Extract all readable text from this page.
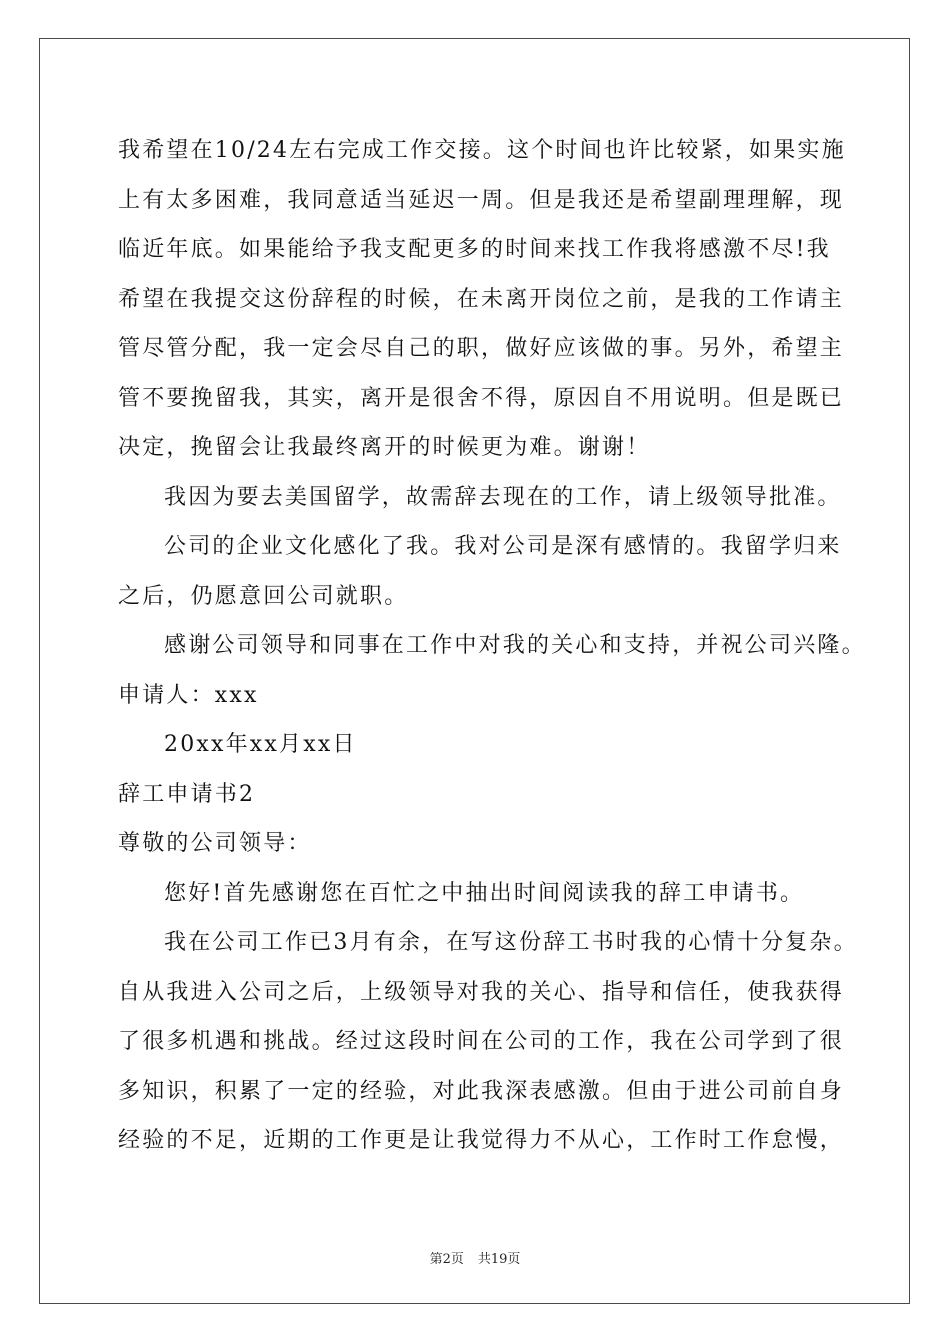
我希望在10/24左右完成工作交接。这个时间也许比较紧，如果实施
上有太多困难，我同意适当延迟一周。但是我还是希望副理理解，现
临近年底。如果能给予我支配更多的时间来找工作我将感激不尽!我
希望在我提交这份辞程的时候，在未离开岗位之前，是我的工作请主
管尽管分配，我一定会尽自己的职，做好应该做的事。另外，希望主
管不要挽留我，其实，离开是很舍不得，原因自不用说明。但是既已
决定，挽留会让我最终离开的时候更为难。谢谢！
我因为要去美国留学，故需辞去现在的工作，请上级领导批准。
公司的企业文化感化了我。我对公司是深有感情的。我留学归来
之后，仍愿意回公司就职。
感谢公司领导和同事在工作中对我的关心和支持，并祝公司兴隆。
申请人：xxx
20xx年xx月xx日
辞工申请书2
尊敬的公司领导：
您好!首先感谢您在百忙之中抽出时间阅读我的辞工申请书。
我在公司工作已3月有余，在写这份辞工书时我的心情十分复杂。
自从我进入公司之后，上级领导对我的关心、指导和信任，使我获得
了很多机遇和挑战。经过这段时间在公司的工作，我在公司学到了很
多知识，积累了一定的经验，对此我深表感激。但由于进公司前自身
经验的不足，近期的工作更是让我觉得力不从心，工作时工作怠慢，
第2页 共19页
